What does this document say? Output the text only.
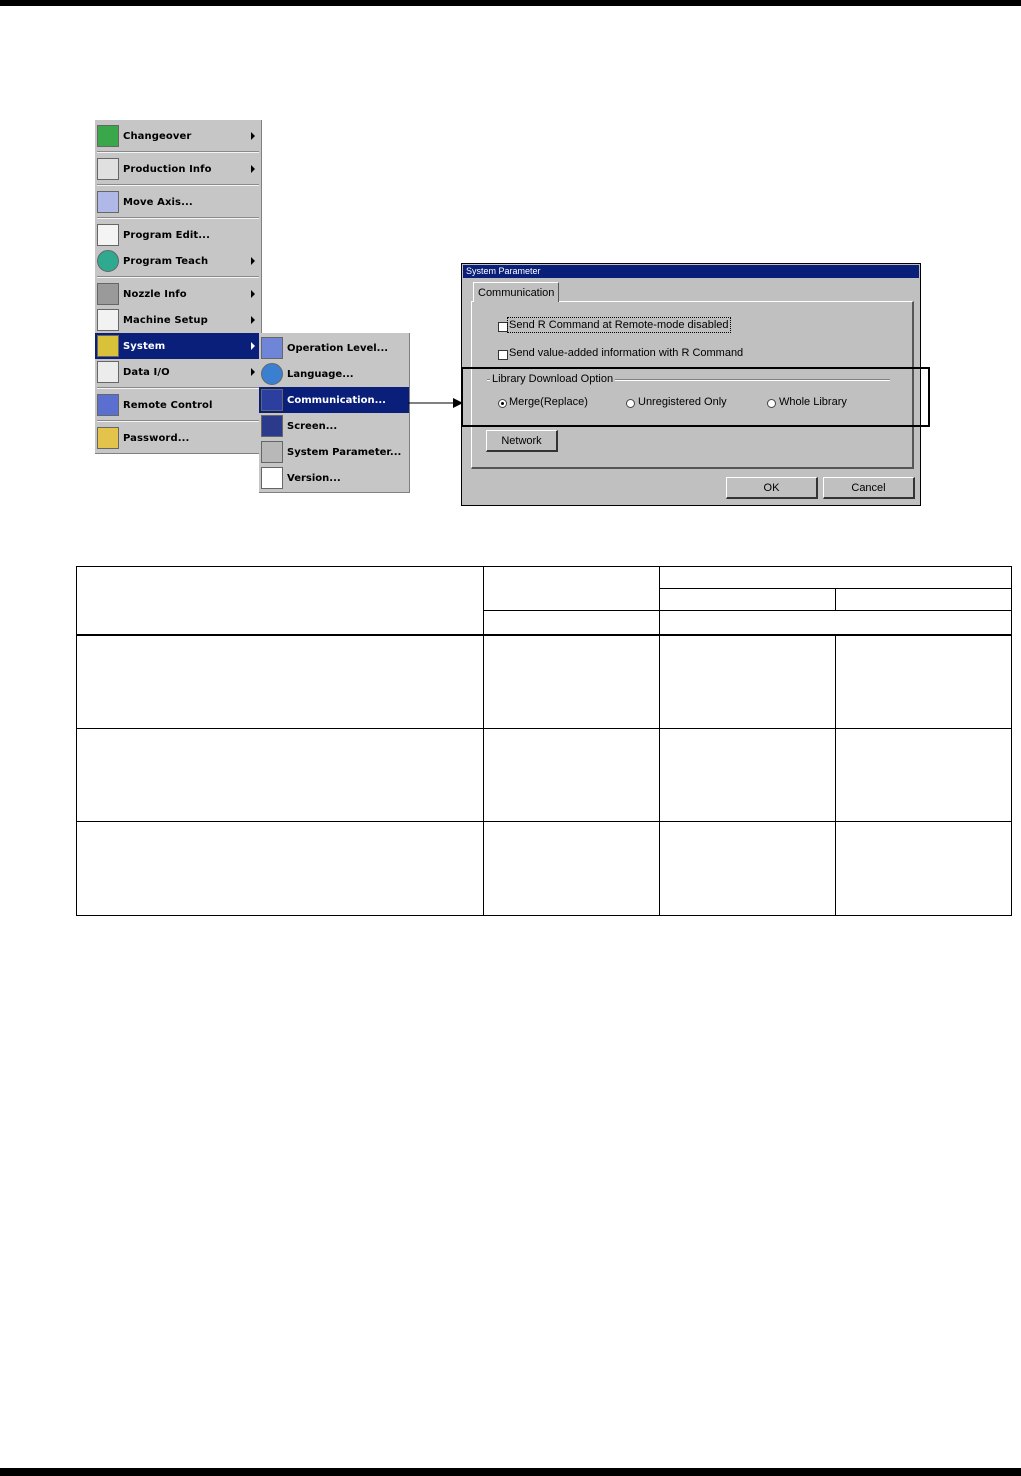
Changeover
Production Info
Move Axis...
Program Edit...
Program Teach
Nozzle Info
Machine Setup
System
Data I/O
Remote Control
Password...
Operation Level...
Language...
Communication...
Screen...
System Parameter...
Version...
System Parameter
Communication
Send R Command at Remote-mode disabled
Send value-added information with R Command
Library Download Option
Merge(Replace)	Unregistered Only	Whole Library
Network
OK	Cancel
